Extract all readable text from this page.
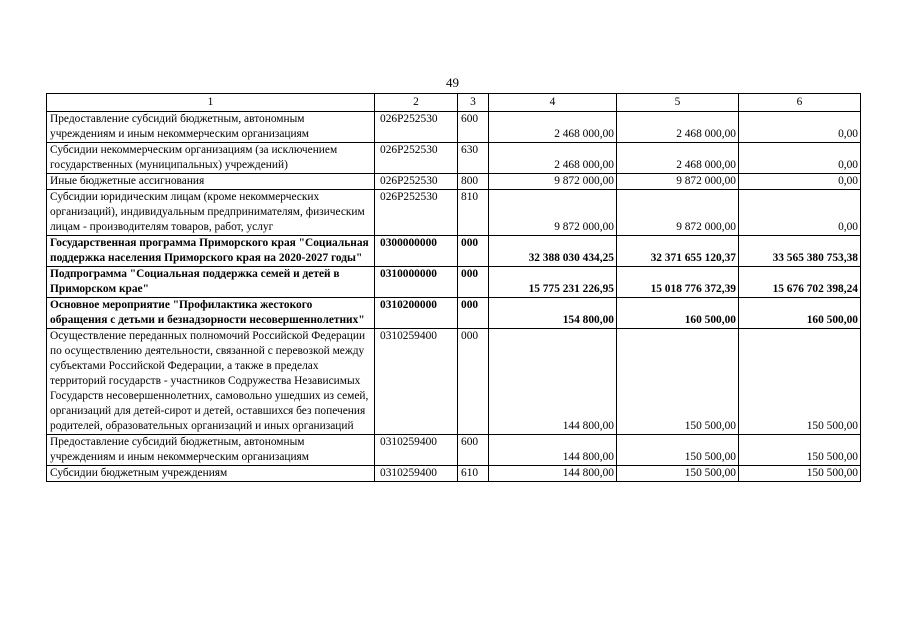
49
1	2	3	4	5	6
Предоставление субсидий бюджетным, автономным учреждениям и иным некоммерческим организациям	026P252530	600	2 468 000,00	2 468 000,00	0,00
Субсидии некоммерческим организациям (за исключением государственных (муниципальных) учреждений)	026P252530	630	2 468 000,00	2 468 000,00	0,00
Иные бюджетные ассигнования	026P252530	800	9 872 000,00	9 872 000,00	0,00
Субсидии юридическим лицам (кроме некоммерческих организаций), индивидуальным предпринимателям, физическим лицам - производителям товаров, работ, услуг	026P252530	810	9 872 000,00	9 872 000,00	0,00
Государственная программа Приморского края "Социальная поддержка населения Приморского края на 2020-2027 годы"	0300000000	000	32 388 030 434,25	32 371 655 120,37	33 565 380 753,38
Подпрограмма "Социальная поддержка семей и детей в Приморском крае"	0310000000	000	15 775 231 226,95	15 018 776 372,39	15 676 702 398,24
Основное мероприятие "Профилактика жестокого обращения с детьми и безнадзорности несовершеннолетних"	0310200000	000	154 800,00	160 500,00	160 500,00
Осуществление переданных полномочий Российской Федерации по осуществлению деятельности, связанной с перевозкой между субъектами Российской Федерации, а также в пределах территорий государств - участников Содружества Независимых Государств несовершеннолетних, самовольно ушедших из семей, организаций для детей-сирот и детей, оставшихся без попечения родителей, образовательных организаций и иных организаций	0310259400	000	144 800,00	150 500,00	150 500,00
Предоставление субсидий бюджетным, автономным учреждениям и иным некоммерческим организациям	0310259400	600	144 800,00	150 500,00	150 500,00
Субсидии бюджетным учреждениям	0310259400	610	144 800,00	150 500,00	150 500,00
